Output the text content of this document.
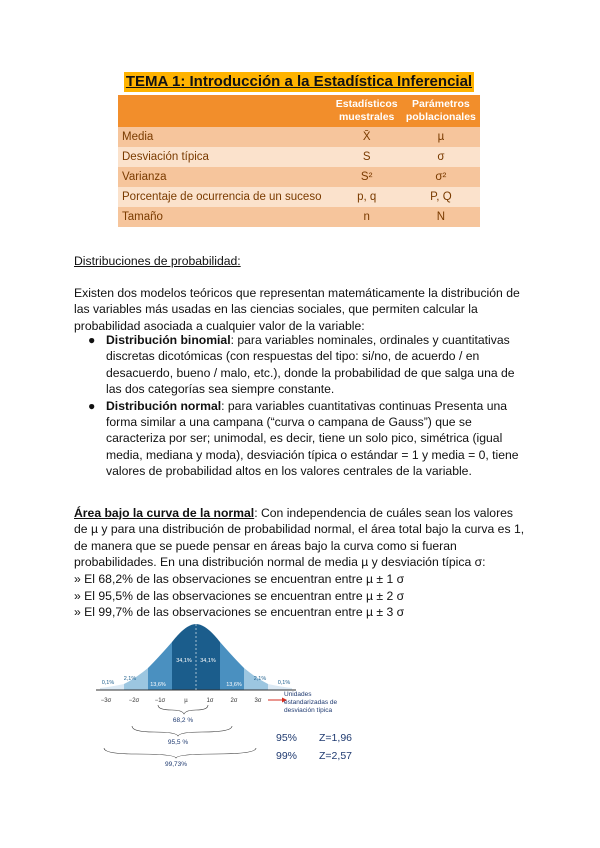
TEMA 1: Introducción a la Estadística Inferencial
	Estadísticos muestrales	Parámetros poblacionales
Media	X̄	µ
Desviación típica	S	σ
Varianza	S²	σ²
Porcentaje de ocurrencia de un suceso	p, q	P, Q
Tamaño	n	N
Distribuciones de probabilidad:
Existen dos modelos teóricos que representan matemáticamente la distribución de las variables más usadas en las ciencias sociales, que permiten calcular la probabilidad asociada a cualquier valor de la variable:
● Distribución binomial: para variables nominales, ordinales y cuantitativas discretas dicotómicas (con respuestas del tipo: si/no, de acuerdo / en desacuerdo, bueno / malo, etc.), donde la probabilidad de que salga una de las dos categorías sea siempre constante.
● Distribución normal: para variables cuantitativas continuas Presenta una forma similar a una campana (“curva o campana de Gauss”) que se caracteriza por ser; unimodal, es decir, tiene un solo pico, simétrica (igual media, mediana y moda), desviación típica o estándar = 1 y media = 0, tiene valores de probabilidad altos en los valores centrales de la variable.
Área bajo la curva de la normal: Con independencia de cuáles sean los valores de µ y para una distribución de probabilidad normal, el área total bajo la curva es 1, de manera que se puede pensar en áreas bajo la curva como si fueran probabilidades. En una distribución normal de media µ y desviación típica σ:
» El 68,2% de las observaciones se encuentran entre µ ± 1 σ
» El 95,5% de las observaciones se encuentran entre µ ± 2 σ
» El 99,7% de las observaciones se encuentran entre µ ± 3 σ
0,1%
2,1%
13,6%
34,1% 34,1%
13,6%
2,1%
0,1%
−3σ	−2σ	−1σ	µ	1σ	2σ	3σ
Unidades
estandarizadas de
desviación típica
68,2 %
95,5 %
99,73%
95%	Z=1,96
99%	Z=2,57
